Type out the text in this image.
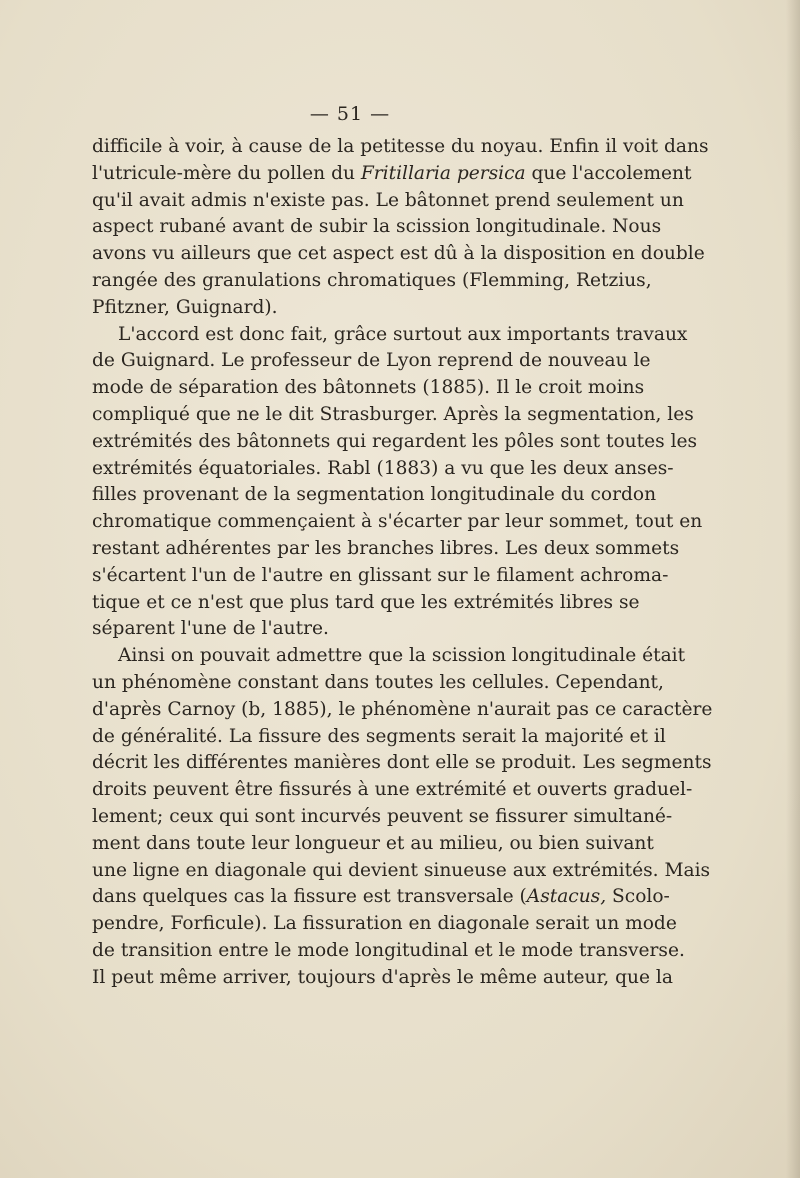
— 51 —
difficile à voir, à cause de la petitesse du noyau. Enfin il voit dans
l'utricule-mère du pollen du Fritillaria persica que l'accolement
qu'il avait admis n'existe pas. Le bâtonnet prend seulement un
aspect rubané avant de subir la scission longitudinale. Nous
avons vu ailleurs que cet aspect est dû à la disposition en double
rangée des granulations chromatiques (Flemming, Retzius,
Pfitzner, Guignard).
L'accord est donc fait, grâce surtout aux importants travaux
de Guignard. Le professeur de Lyon reprend de nouveau le
mode de séparation des bâtonnets (1885). Il le croit moins
compliqué que ne le dit Strasburger. Après la segmentation, les
extrémités des bâtonnets qui regardent les pôles sont toutes les
extrémités équatoriales. Rabl (1883) a vu que les deux anses-
filles provenant de la segmentation longitudinale du cordon
chromatique commençaient à s'écarter par leur sommet, tout en
restant adhérentes par les branches libres. Les deux sommets
s'écartent l'un de l'autre en glissant sur le filament achroma-
tique et ce n'est que plus tard que les extrémités libres se
séparent l'une de l'autre.
Ainsi on pouvait admettre que la scission longitudinale était
un phénomène constant dans toutes les cellules. Cependant,
d'après Carnoy (b, 1885), le phénomène n'aurait pas ce caractère
de généralité. La fissure des segments serait la majorité et il
décrit les différentes manières dont elle se produit. Les segments
droits peuvent être fissurés à une extrémité et ouverts graduel-
lement; ceux qui sont incurvés peuvent se fissurer simultané-
ment dans toute leur longueur et au milieu, ou bien suivant
une ligne en diagonale qui devient sinueuse aux extrémités. Mais
dans quelques cas la fissure est transversale (Astacus, Scolo-
pendre, Forficule). La fissuration en diagonale serait un mode
de transition entre le mode longitudinal et le mode transverse.
Il peut même arriver, toujours d'après le même auteur, que la
